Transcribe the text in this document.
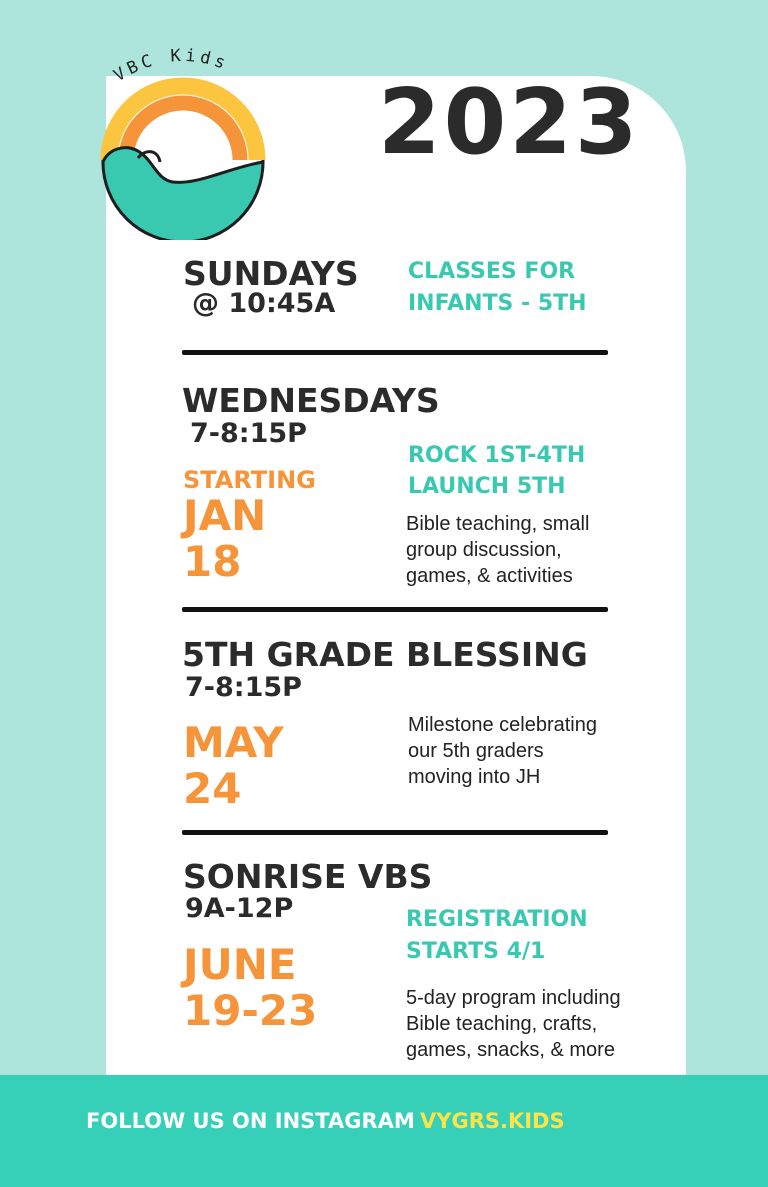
VBC Kids
2023
SUNDAYS
@ 10:45A
CLASSES FOR
INFANTS - 5TH
WEDNESDAYS
7-8:15P
STARTING
JAN
18
ROCK 1ST-4TH
LAUNCH 5TH
Bible teaching, small
group discussion,
games, & activities
5TH GRADE BLESSING
7-8:15P
MAY
24
Milestone celebrating
our 5th graders
moving into JH
SONRISE VBS
9A-12P
JUNE
19-23
REGISTRATION
STARTS 4/1
5-day program including
Bible teaching, crafts,
games, snacks, & more
FOLLOW US ON INSTAGRAM VYGRS.KIDS
